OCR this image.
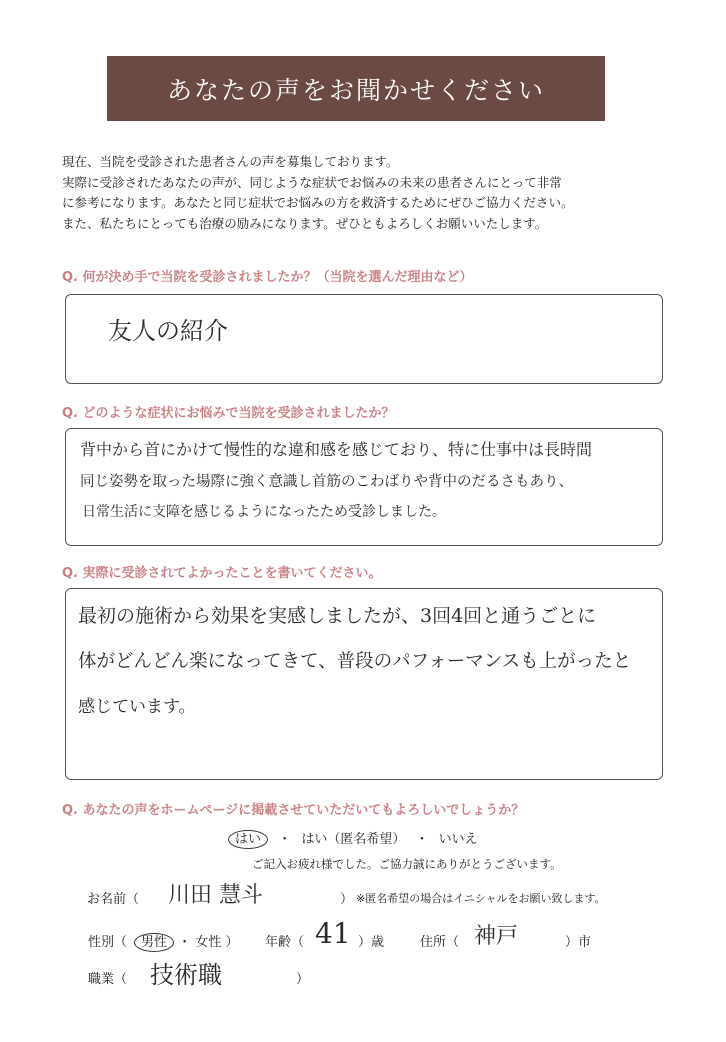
あなたの声をお聞かせください

現在、当院を受診された患者さんの声を募集しております。

実際に受診されたあなたの声が、同じような症状でお悩みの未来の患者さんにとって非常

に参考になります。あなたと同じ症状でお悩みの方を救済するためにぜひご協力ください。

また、私たちにとっても治療の励みになります。ぜひともよろしくお願いいたします。

Q. 何が決め手で当院を受診されましたか？（当院を選んだ理由など）
友人の紹介
Q. どのような症状にお悩みで当院を受診されましたか？
背中から首にかけて慢性的な違和感を感じており、特に仕事中は長時間
同じ姿勢を取った場際に強く意識し首筋のこわばりや背中のだるさもあり、
日常生活に支障を感じるようになったため受診しました。
Q. 実際に受診されてよかったことを書いてください。
最初の施術から効果を実感しましたが、3回4回と通うごとに
体がどんどん楽になってきて、普段のパフォーマンスも上がったと
感じています。
Q. あなたの声をホームページに掲載させていただいてもよろしいでしょうか？
はい ・ はい（匿名希望） ・ いいえ
ご記入お疲れ様でした。ご協力誠にありがとうございます。
お名前（ 川田 慧斗	） ※匿名希望の場合はイニシャルをお願い致します。
性別（	男性 ・ 女性 ） 年齢（ 41 ）歳	住所（ 神戸	）市
職業（ 技術職	）
